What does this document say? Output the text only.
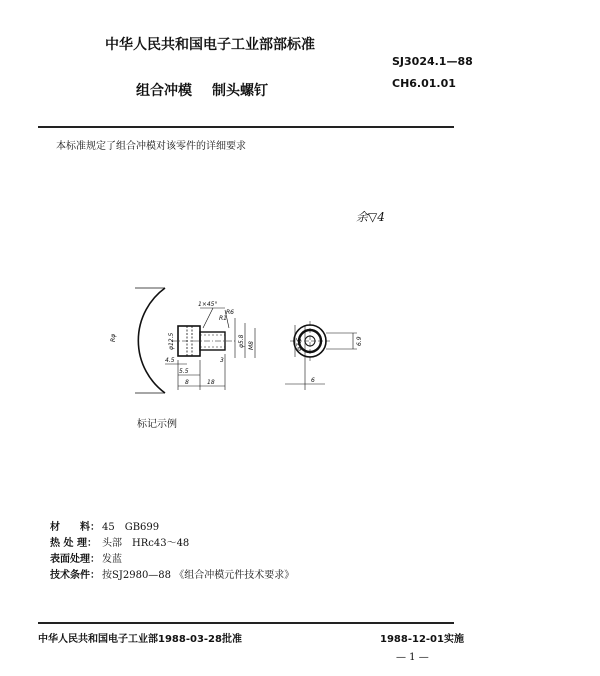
中华人民共和国电子工业部部标准
SJ3024.1—88
组合冲模 制头螺钉	CH6.01.01
本标准规定了组合冲模对该零件的详细要求
余▽4
1×45°
R6
R1
Rφ	φ12.5	φ5.8 M8
3
4.5
5.5
8	18
φ7.5	6.9
6
标记示例
材　　料： 45　GB699
热 处 理： 头部　HRc43～48
表面处理： 发蓝
技术条件： 按SJ2980—88 《组合冲模元件技术要求》
中华人民共和国电子工业部1988-03-28批准	1988-12-01实施
— 1 —
